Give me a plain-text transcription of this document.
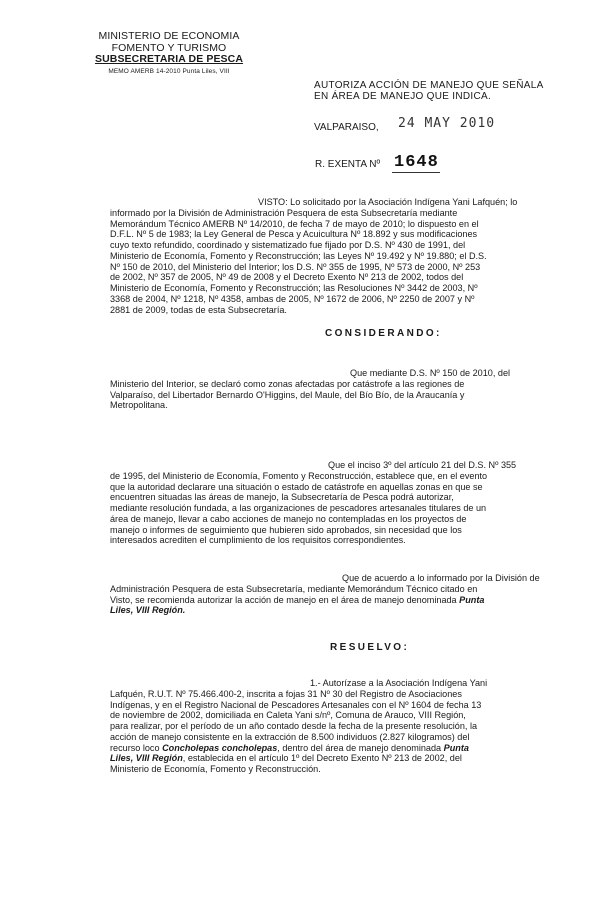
MINISTERIO DE ECONOMIA
FOMENTO Y TURISMO
SUBSECRETARIA DE PESCA
MEMO AMERB 14-2010 Punta Liles, VIII
AUTORIZA ACCIÓN DE MANEJO QUE SEÑALA
EN ÁREA DE MANEJO QUE INDICA.
VALPARAISO, 24 MAY 2010
R. EXENTA Nº 1648
VISTO: Lo solicitado por la Asociación Indígena Yani Lafquén; lo
informado por la División de Administración Pesquera de esta Subsecretaría mediante
Memorándum Técnico AMERB Nº 14/2010, de fecha 7 de mayo de 2010; lo dispuesto en el
D.F.L. Nº 5 de 1983; la Ley General de Pesca y Acuicultura Nº 18.892 y sus modificaciones
cuyo texto refundido, coordinado y sistematizado fue fijado por D.S. Nº 430 de 1991, del
Ministerio de Economía, Fomento y Reconstrucción; las Leyes Nº 19.492 y Nº 19.880; el D.S.
Nº 150 de 2010, del Ministerio del Interior; los D.S. Nº 355 de 1995, Nº 573 de 2000, Nº 253
de 2002, Nº 357 de 2005, Nº 49 de 2008 y el Decreto Exento Nº 213 de 2002, todos del
Ministerio de Economía, Fomento y Reconstrucción; las Resoluciones Nº 3442 de 2003, Nº
3368 de 2004, Nº 1218, Nº 4358, ambas de 2005, Nº 1672 de 2006, Nº 2250 de 2007 y Nº
2881 de 2009, todas de esta Subsecretaría.
CONSIDERANDO:
Que mediante D.S. Nº 150 de 2010, del
Ministerio del Interior, se declaró como zonas afectadas por catástrofe a las regiones de
Valparaíso, del Libertador Bernardo O'Higgins, del Maule, del Bío Bío, de la Araucanía y
Metropolitana.
Que el inciso 3º del artículo 21 del D.S. Nº 355
de 1995, del Ministerio de Economía, Fomento y Reconstrucción, establece que, en el evento
que la autoridad declarare una situación o estado de catástrofe en aquellas zonas en que se
encuentren situadas las áreas de manejo, la Subsecretaría de Pesca podrá autorizar,
mediante resolución fundada, a las organizaciones de pescadores artesanales titulares de un
área de manejo, llevar a cabo acciones de manejo no contempladas en los proyectos de
manejo o informes de seguimiento que hubieren sido aprobados, sin necesidad que los
interesados acrediten el cumplimiento de los requisitos correspondientes.
Que de acuerdo a lo informado por la División de
Administración Pesquera de esta Subsecretaría, mediante Memorándum Técnico citado en
Visto, se recomienda autorizar la acción de manejo en el área de manejo denominada Punta
Liles, VIII Región.
RESUELVO:
1.- Autorízase a la Asociación Indígena Yani
Lafquén, R.U.T. Nº 75.466.400-2, inscrita a fojas 31 Nº 30 del Registro de Asociaciones
Indígenas, y en el Registro Nacional de Pescadores Artesanales con el Nº 1604 de fecha 13
de noviembre de 2002, domiciliada en Caleta Yani s/nº, Comuna de Arauco, VIII Región,
para realizar, por el período de un año contado desde la fecha de la presente resolución, la
acción de manejo consistente en la extracción de 8.500 individuos (2.827 kilogramos) del
recurso loco Concholepas concholepas, dentro del área de manejo denominada Punta
Liles, VIII Región, establecida en el artículo 1º del Decreto Exento Nº 213 de 2002, del
Ministerio de Economía, Fomento y Reconstrucción.
